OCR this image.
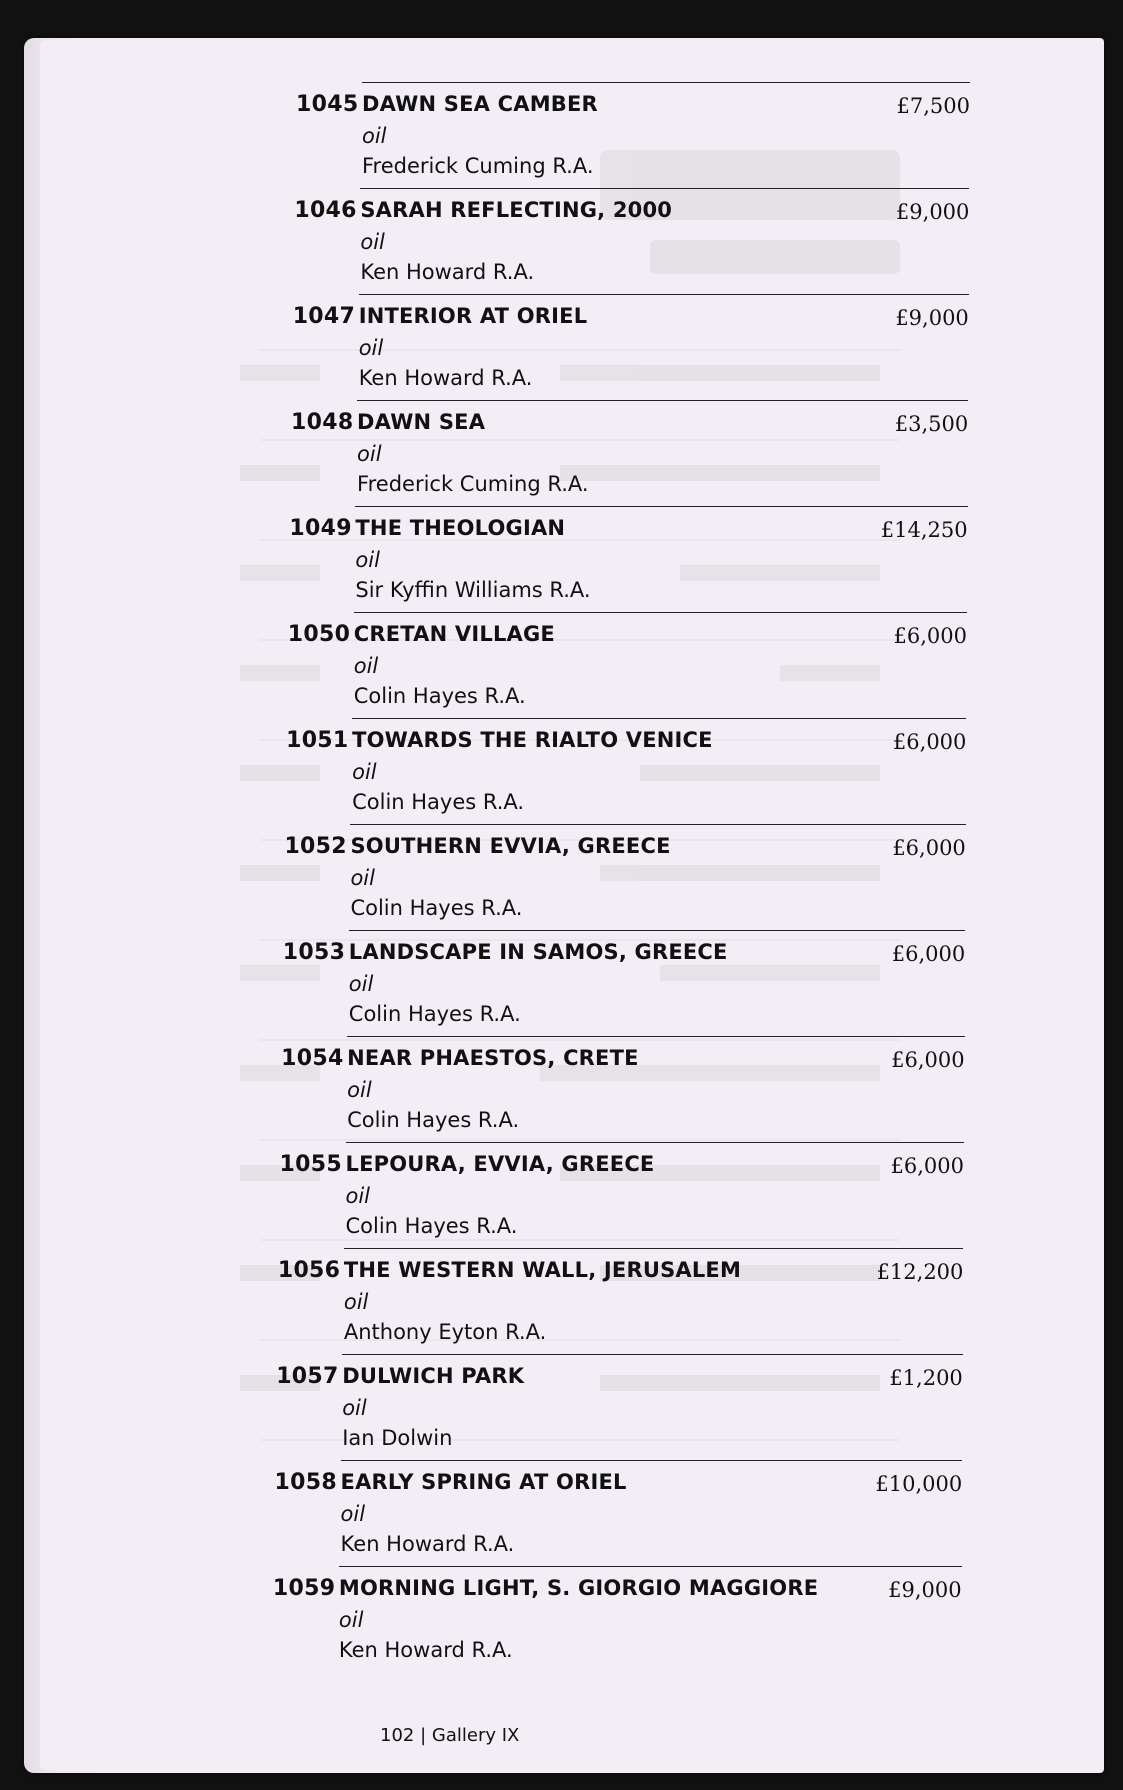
1045 DAWN SEA CAMBER
oil
Frederick Cuming R.A.
£7,500
1046 SARAH REFLECTING, 2000
oil
Ken Howard R.A.
£9,000
1047 INTERIOR AT ORIEL
oil
Ken Howard R.A.
£9,000
1048 DAWN SEA
oil
Frederick Cuming R.A.
£3,500
1049 THE THEOLOGIAN
oil
Sir Kyffin Williams R.A.
£14,250
1050 CRETAN VILLAGE
oil
Colin Hayes R.A.
£6,000
1051 TOWARDS THE RIALTO VENICE
oil
Colin Hayes R.A.
£6,000
1052 SOUTHERN EVVIA, GREECE
oil
Colin Hayes R.A.
£6,000
1053 LANDSCAPE IN SAMOS, GREECE
oil
Colin Hayes R.A.
£6,000
1054 NEAR PHAESTOS, CRETE
oil
Colin Hayes R.A.
£6,000
1055 LEPOURA, EVVIA, GREECE
oil
Colin Hayes R.A.
£6,000
1056 THE WESTERN WALL, JERUSALEM
oil
Anthony Eyton R.A.
£12,200
1057 DULWICH PARK
oil
Ian Dolwin
£1,200
1058 EARLY SPRING AT ORIEL
oil
Ken Howard R.A.
£10,000
1059 MORNING LIGHT, S. GIORGIO MAGGIORE
oil
Ken Howard R.A.
£9,000
102 | Gallery IX
